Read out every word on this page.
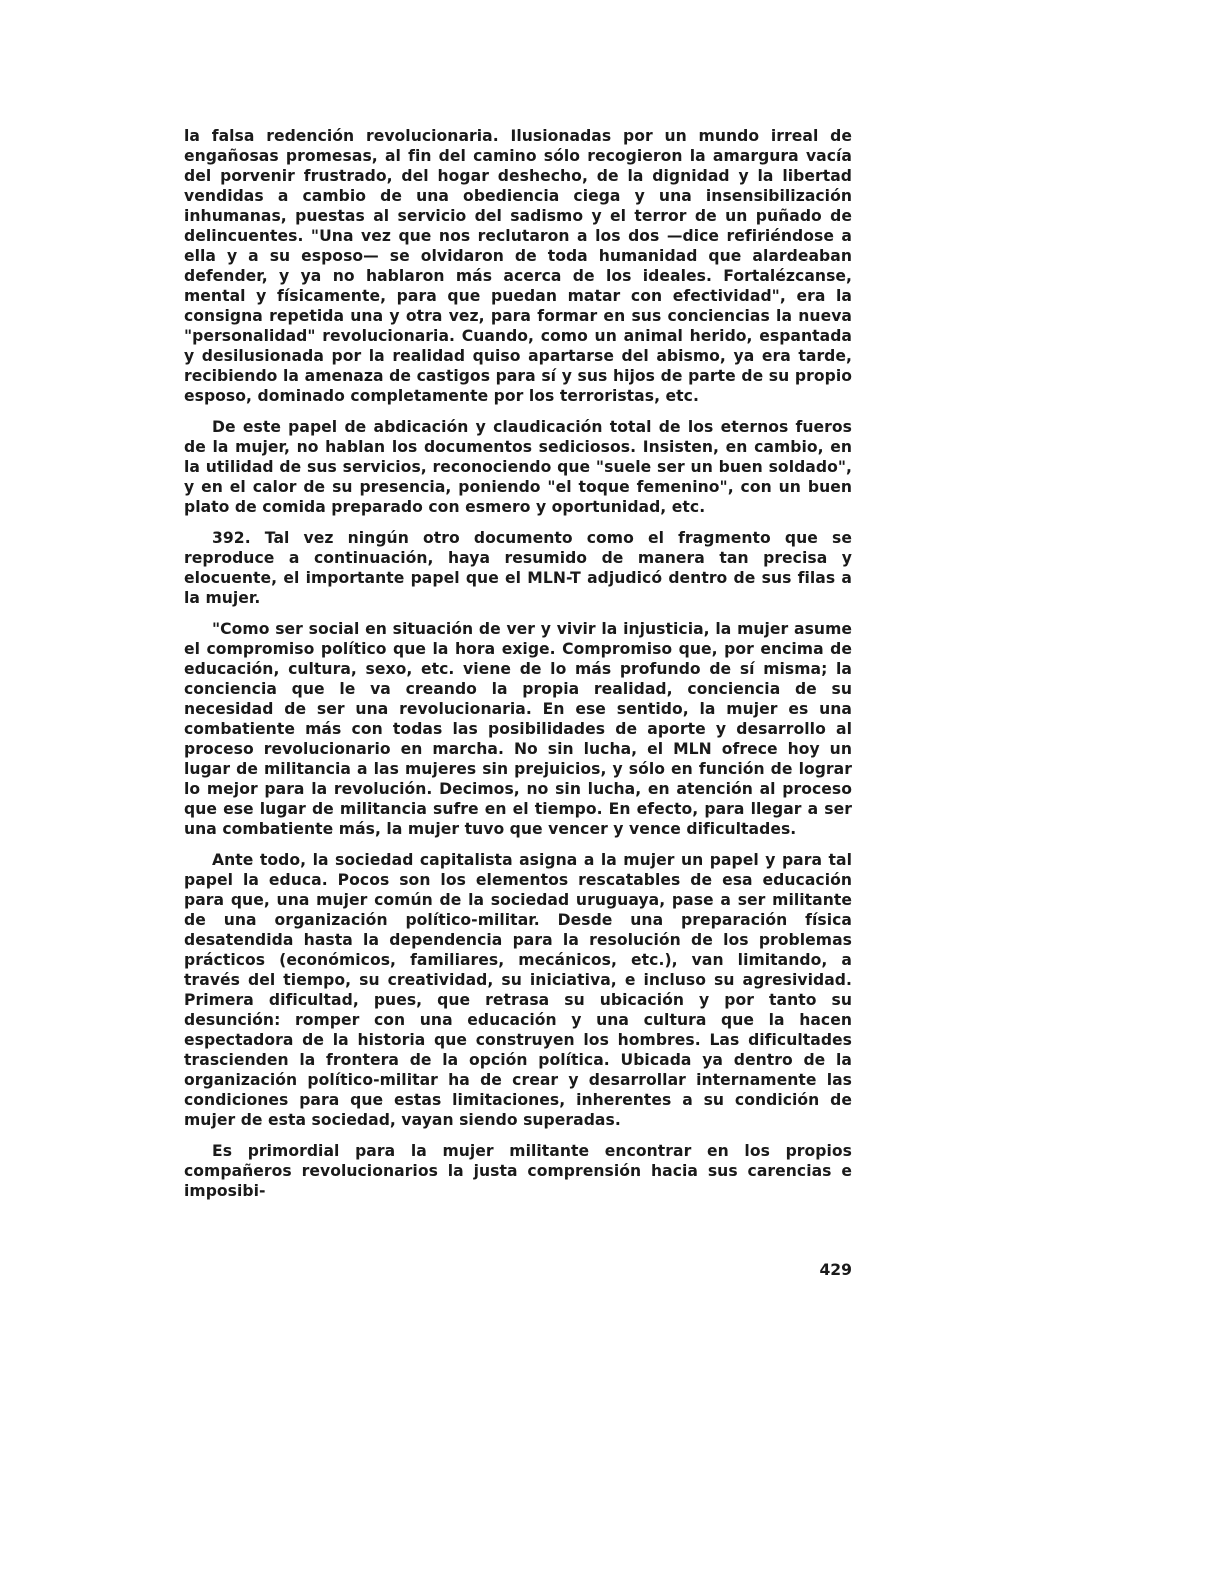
la falsa redención revolucionaria. Ilusionadas por un mundo irreal de engañosas promesas, al fin del camino sólo recogieron la amargura vacía del porvenir frustrado, del hogar deshecho, de la dignidad y la libertad vendidas a cambio de una obediencia ciega y una insensibilización inhumanas, puestas al servicio del sadismo y el terror de un puñado de delincuentes. "Una vez que nos reclutaron a los dos —dice refiriéndose a ella y a su esposo— se olvidaron de toda humanidad que alardeaban defender, y ya no hablaron más acerca de los ideales. Fortalézcanse, mental y físicamente, para que puedan matar con efectividad", era la consigna repetida una y otra vez, para formar en sus conciencias la nueva "personalidad" revolucionaria. Cuando, como un animal herido, espantada y desilusionada por la realidad quiso apartarse del abismo, ya era tarde, recibiendo la amenaza de castigos para sí y sus hijos de parte de su propio esposo, dominado completamente por los terroristas, etc.

De este papel de abdicación y claudicación total de los eternos fueros de la mujer, no hablan los documentos sediciosos. Insisten, en cambio, en la utilidad de sus servicios, reconociendo que "suele ser un buen soldado", y en el calor de su presencia, poniendo "el toque femenino", con un buen plato de comida preparado con esmero y oportunidad, etc.

392. Tal vez ningún otro documento como el fragmento que se reproduce a continuación, haya resumido de manera tan precisa y elocuente, el importante papel que el MLN-T adjudicó dentro de sus filas a la mujer.

"Como ser social en situación de ver y vivir la injusticia, la mujer asume el compromiso político que la hora exige. Compromiso que, por encima de educación, cultura, sexo, etc. viene de lo más profundo de sí misma; la conciencia que le va creando la propia realidad, conciencia de su necesidad de ser una revolucionaria. En ese sentido, la mujer es una combatiente más con todas las posibilidades de aporte y desarrollo al proceso revolucionario en marcha. No sin lucha, el MLN ofrece hoy un lugar de militancia a las mujeres sin prejuicios, y sólo en función de lograr lo mejor para la revolución. Decimos, no sin lucha, en atención al proceso que ese lugar de militancia sufre en el tiempo. En efecto, para llegar a ser una combatiente más, la mujer tuvo que vencer y vence dificultades.

Ante todo, la sociedad capitalista asigna a la mujer un papel y para tal papel la educa. Pocos son los elementos rescatables de esa educación para que, una mujer común de la sociedad uruguaya, pase a ser militante de una organización político-militar. Desde una preparación física desatendida hasta la dependencia para la resolución de los problemas prácticos (económicos, familiares, mecánicos, etc.), van limitando, a través del tiempo, su creatividad, su iniciativa, e incluso su agresividad. Primera dificultad, pues, que retrasa su ubicación y por tanto su desunción: romper con una educación y una cultura que la hacen espectadora de la historia que construyen los hombres. Las dificultades trascienden la frontera de la opción política. Ubicada ya dentro de la organización político-militar ha de crear y desarrollar internamente las condiciones para que estas limitaciones, inherentes a su condición de mujer de esta sociedad, vayan siendo superadas.

Es primordial para la mujer militante encontrar en los propios compañeros revolucionarios la justa comprensión hacia sus carencias e imposibi-

429
